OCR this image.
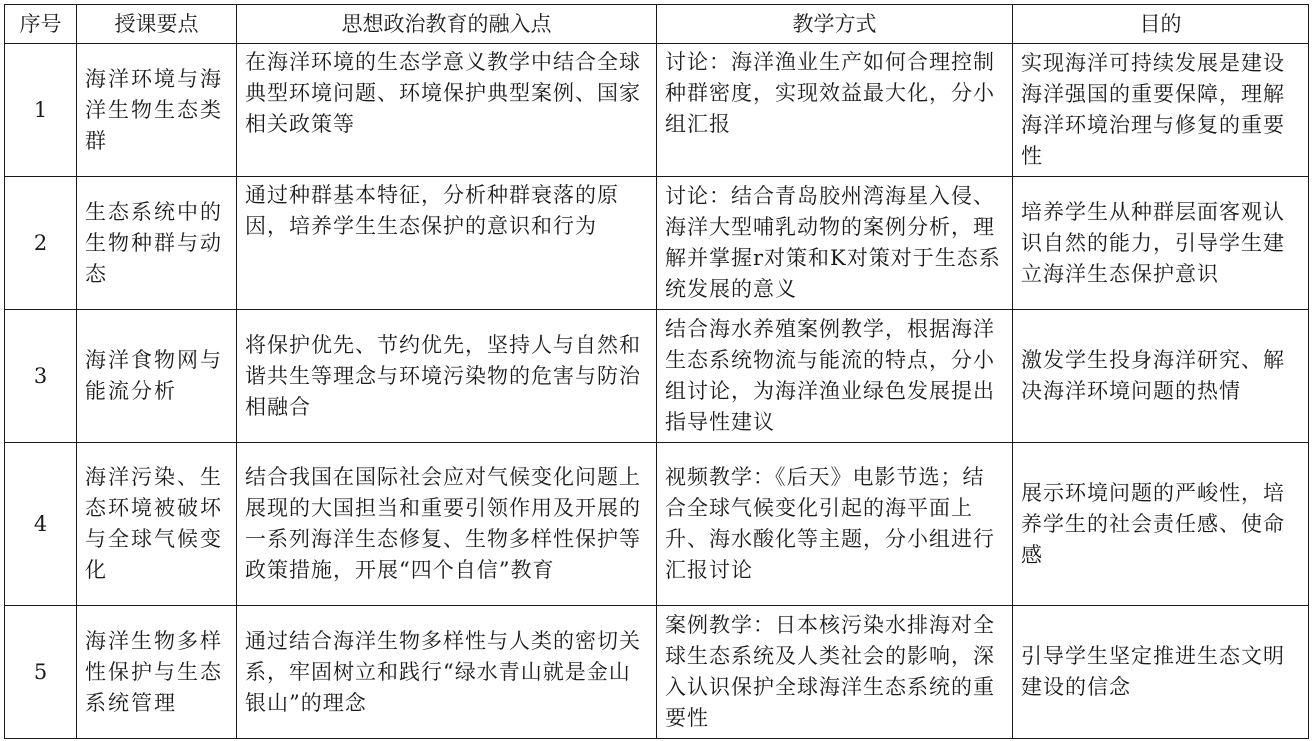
序号	授课要点	思想政治教育的融入点	教学方式	目的
1	海洋环境与海洋生物生态类群	在海洋环境的生态学意义教学中结合全球典型环境问题、环境保护典型案例、国家相关政策等	讨论：海洋渔业生产如何合理控制种群密度，实现效益最大化，分小组汇报	实现海洋可持续发展是建设海洋强国的重要保障，理解海洋环境治理与修复的重要性
2	生态系统中的生物种群与动态	通过种群基本特征，分析种群衰落的原因，培养学生生态保护的意识和行为	讨论：结合青岛胶州湾海星入侵、海洋大型哺乳动物的案例分析，理解并掌握r对策和K对策对于生态系统发展的意义	培养学生从种群层面客观认识自然的能力，引导学生建立海洋生态保护意识
3	海洋食物网与能流分析	将保护优先、节约优先，坚持人与自然和谐共生等理念与环境污染物的危害与防治相融合	结合海水养殖案例教学，根据海洋生态系统物流与能流的特点，分小组讨论，为海洋渔业绿色发展提出指导性建议	激发学生投身海洋研究、解决海洋环境问题的热情
4	海洋污染、生态环境被破坏与全球气候变化	结合我国在国际社会应对气候变化问题上展现的大国担当和重要引领作用及开展的一系列海洋生态修复、生物多样性保护等政策措施，开展“四个自信”教育	视频教学：《后天》电影节选；结合全球气候变化引起的海平面上升、海水酸化等主题，分小组进行汇报讨论	展示环境问题的严峻性，培养学生的社会责任感、使命感
5	海洋生物多样性保护与生态系统管理	通过结合海洋生物多样性与人类的密切关系，牢固树立和践行“绿水青山就是金山银山”的理念	案例教学：日本核污染水排海对全球生态系统及人类社会的影响，深入认识保护全球海洋生态系统的重要性	引导学生坚定推进生态文明建设的信念
